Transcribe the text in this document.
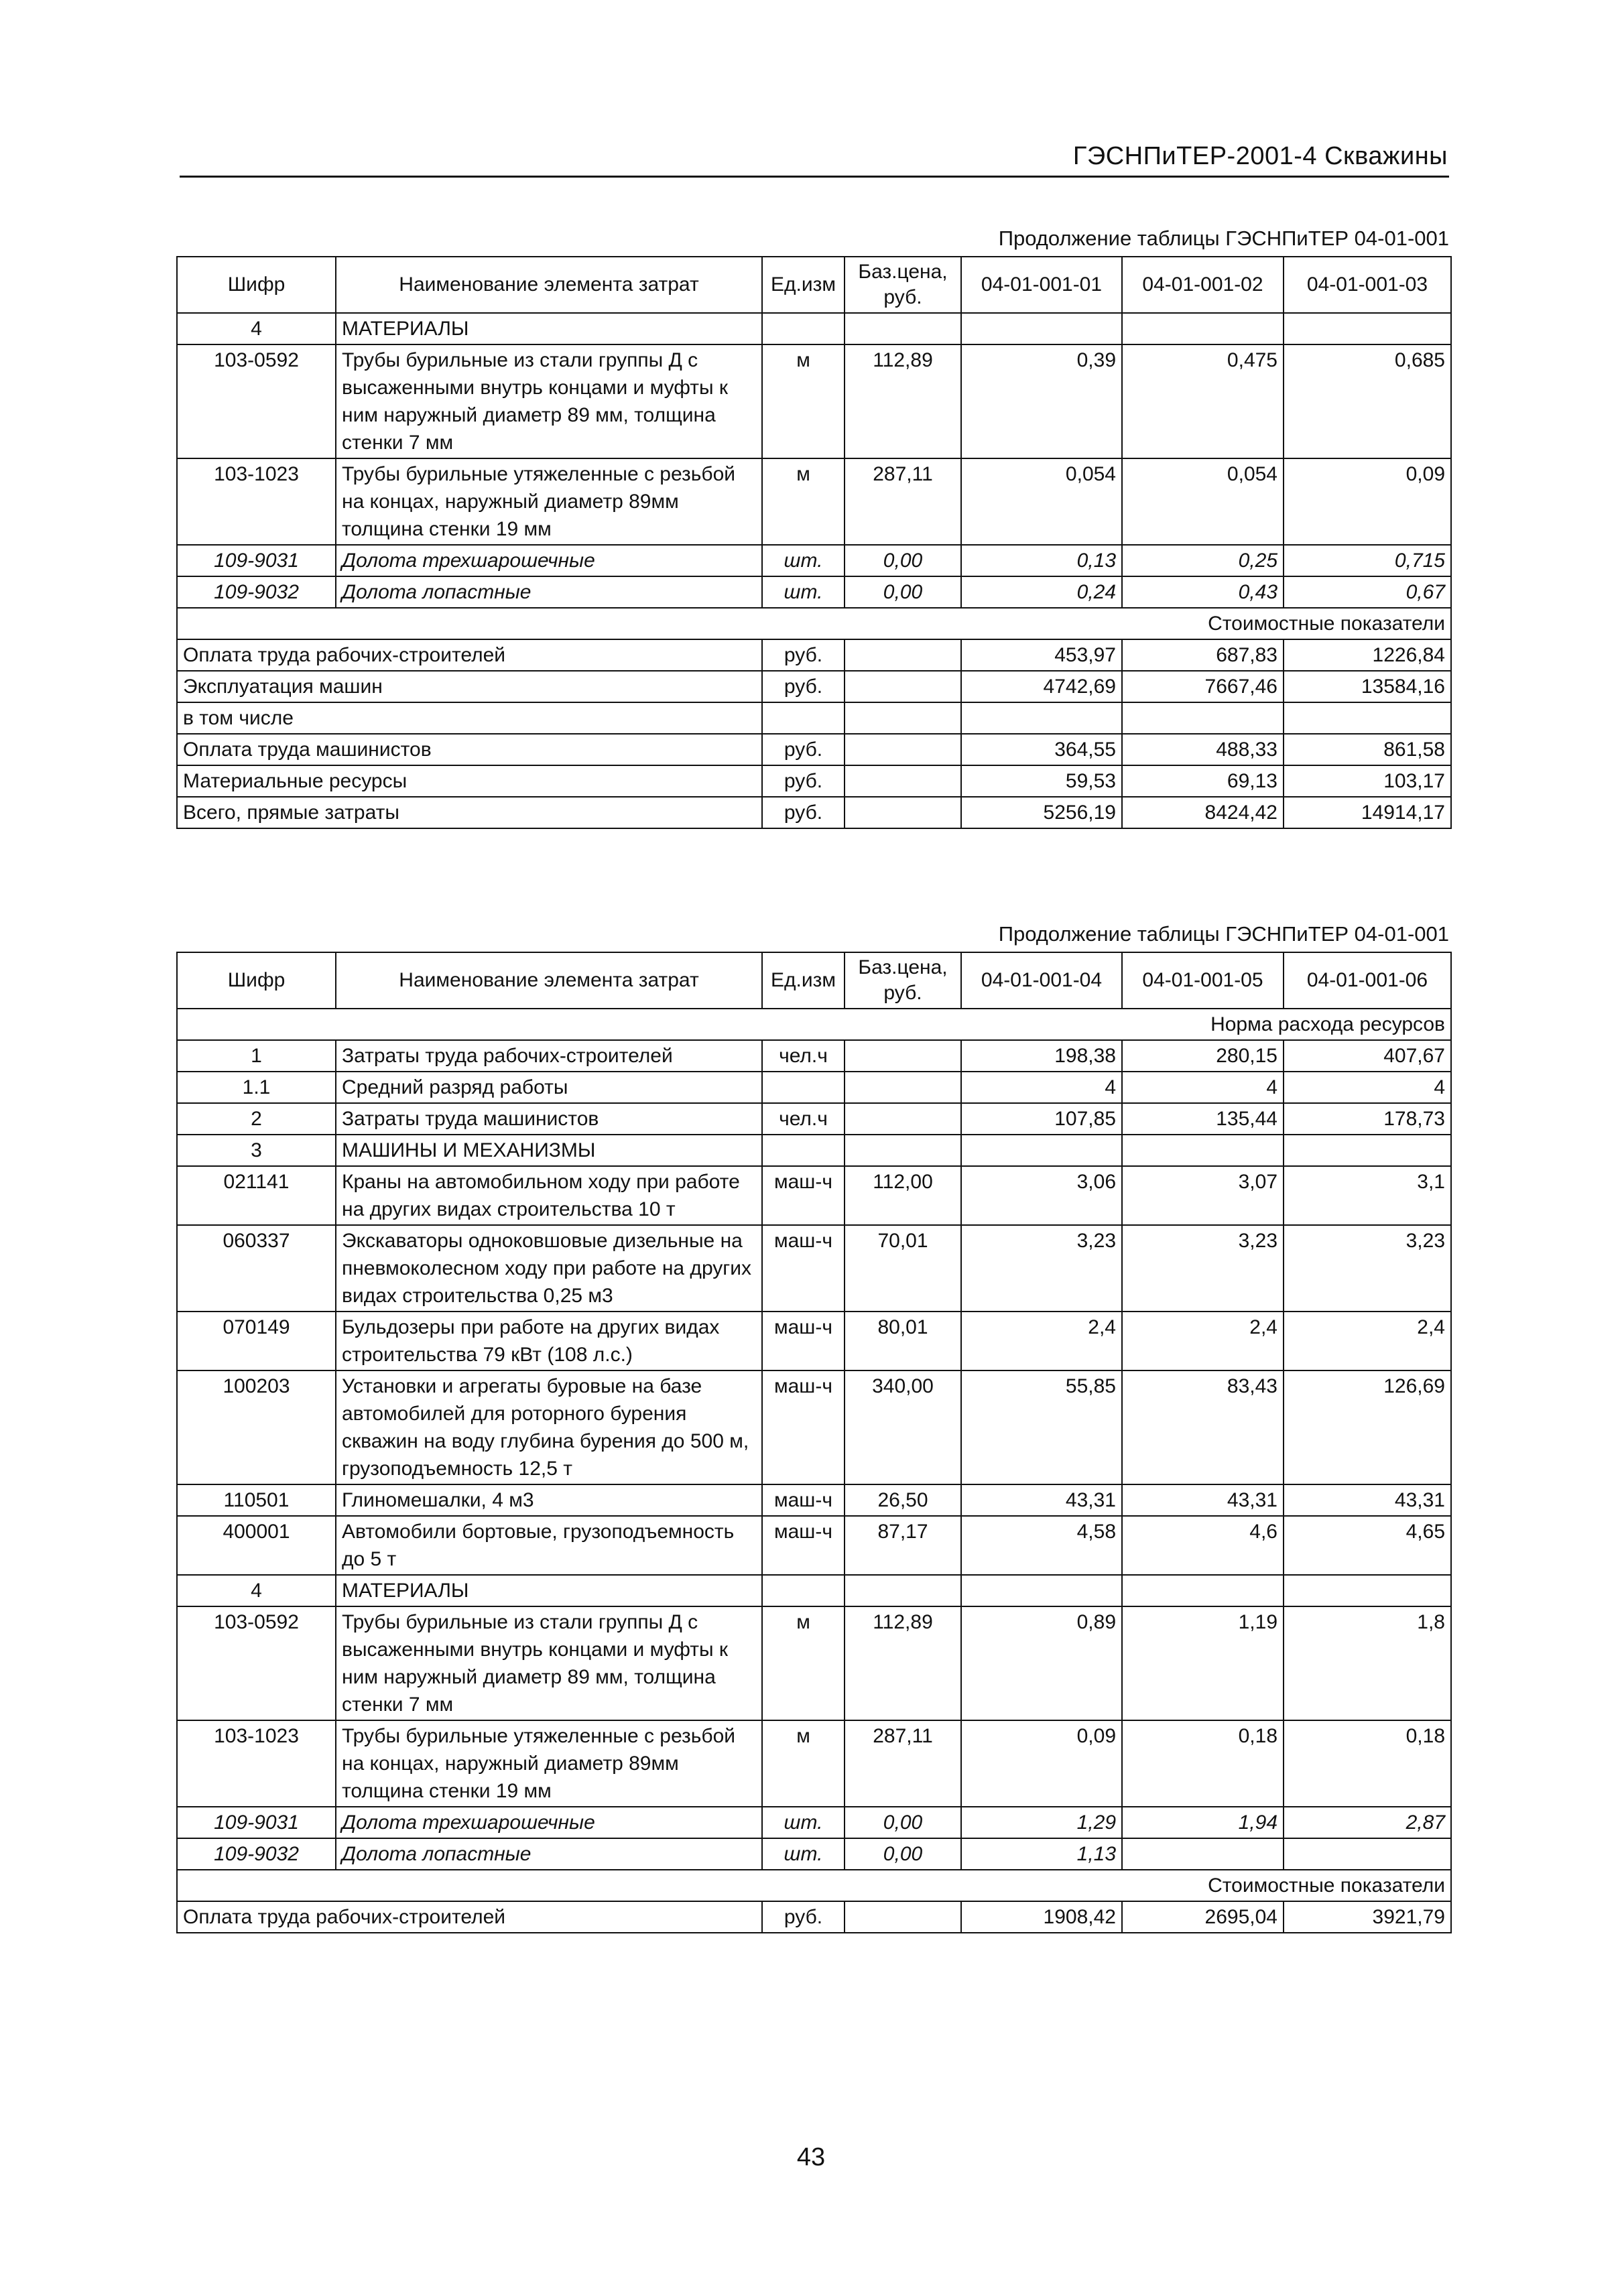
ГЭСНПиТЕР-2001-4 Скважины
Продолжение таблицы ГЭСНПиТЕР 04-01-001
Шифр	Наименование элемента затрат	Ед.изм	Баз.цена, руб.	04-01-001-01	04-01-001-02	04-01-001-03
4	МАТЕРИАЛЫ					
103-0592	Трубы бурильные из стали группы Д с высаженными внутрь концами и муфты к ним наружный диаметр 89 мм, толщина стенки 7 мм	м	112,89	0,39	0,475	0,685
103-1023	Трубы бурильные утяжеленные с резьбой на концах, наружный диаметр 89мм толщина стенки 19 мм	м	287,11	0,054	0,054	0,09
109-9031	Долота трехшарошечные	шт.	0,00	0,13	0,25	0,715
109-9032	Долота лопастные	шт.	0,00	0,24	0,43	0,67
Стоимостные показатели						
Оплата труда рабочих-строителей		руб.		453,97	687,83	1226,84
Эксплуатация машин		руб.		4742,69	7667,46	13584,16
в том числе						
Оплата труда машинистов		руб.		364,55	488,33	861,58
Материальные ресурсы		руб.		59,53	69,13	103,17
Всего, прямые затраты		руб.		5256,19	8424,42	14914,17
Продолжение таблицы ГЭСНПиТЕР 04-01-001
Шифр	Наименование элемента затрат	Ед.изм	Баз.цена, руб.	04-01-001-04	04-01-001-05	04-01-001-06
Норма расхода ресурсов						
1	Затраты труда рабочих-строителей	чел.ч		198,38	280,15	407,67
1.1	Средний разряд работы			4	4	4
2	Затраты труда машинистов	чел.ч		107,85	135,44	178,73
3	МАШИНЫ И МЕХАНИЗМЫ					
021141	Краны на автомобильном ходу при работе на других видах строительства 10 т	маш-ч	112,00	3,06	3,07	3,1
060337	Экскаваторы одноковшовые дизельные на пневмоколесном ходу при работе на других видах строительства 0,25 м3	маш-ч	70,01	3,23	3,23	3,23
070149	Бульдозеры при работе на других видах строительства 79 кВт (108 л.с.)	маш-ч	80,01	2,4	2,4	2,4
100203	Установки и агрегаты буровые на базе автомобилей для роторного бурения скважин на воду глубина бурения до 500 м, грузоподъемность 12,5 т	маш-ч	340,00	55,85	83,43	126,69
110501	Глиномешалки, 4 м3	маш-ч	26,50	43,31	43,31	43,31
400001	Автомобили бортовые, грузоподъемность до 5 т	маш-ч	87,17	4,58	4,6	4,65
4	МАТЕРИАЛЫ					
103-0592	Трубы бурильные из стали группы Д с высаженными внутрь концами и муфты к ним наружный диаметр 89 мм, толщина стенки 7 мм	м	112,89	0,89	1,19	1,8
103-1023	Трубы бурильные утяжеленные с резьбой на концах, наружный диаметр 89мм толщина стенки 19 мм	м	287,11	0,09	0,18	0,18
109-9031	Долота трехшарошечные	шт.	0,00	1,29	1,94	2,87
109-9032	Долота лопастные	шт.	0,00	1,13		
Стоимостные показатели						
Оплата труда рабочих-строителей		руб.		1908,42	2695,04	3921,79
43
